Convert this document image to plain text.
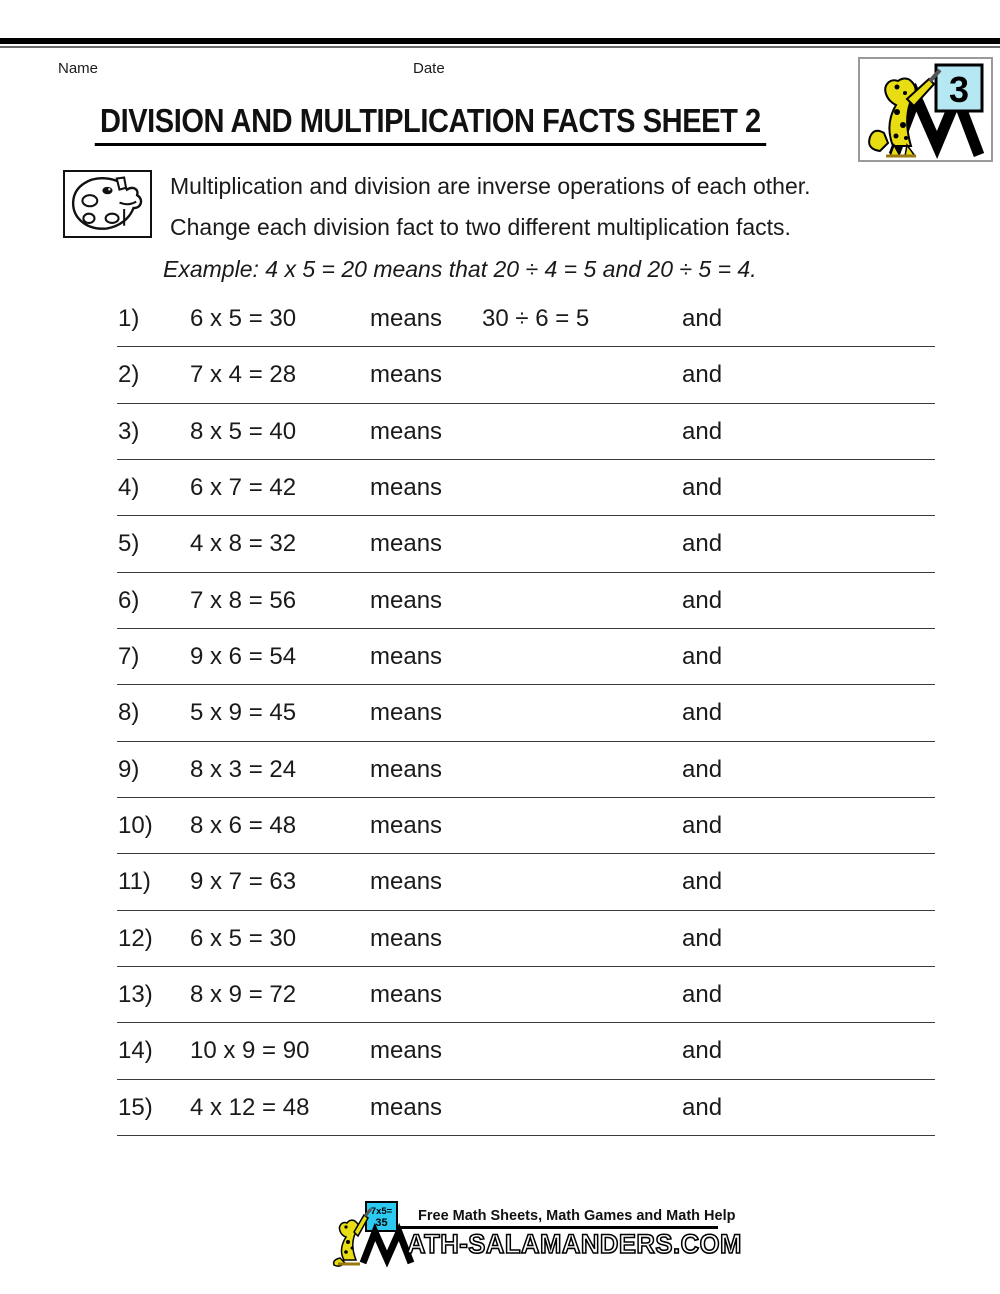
Name	Date
3
DIVISION AND MULTIPLICATION FACTS SHEET 2
Multiplication and division are inverse operations of each other.
Change each division fact to two different multiplication facts.
Example: 4 x 5 = 20 means that 20 ÷ 4 = 5 and 20 ÷ 5 = 4.
1) 6 x 5 = 30	means 30 ÷ 6 = 5	and
2) 7 x 4 = 28	means	and
3) 8 x 5 = 40	means	and
4) 6 x 7 = 42	means	and
5) 4 x 8 = 32	means	and
6) 7 x 8 = 56	means	and
7) 9 x 6 = 54	means	and
8) 5 x 9 = 45	means	and
9) 8 x 3 = 24	means	and
10) 8 x 6 = 48	means	and
11) 9 x 7 = 63	means	and
12) 6 x 5 = 30	means	and
13) 8 x 9 = 72	means	and
14) 10 x 9 = 90	means	and
15) 4 x 12 = 48	means	and
7x5=
35 Free Math Sheets, Math Games and Math Help
ATH-SALAMANDERS.COM
